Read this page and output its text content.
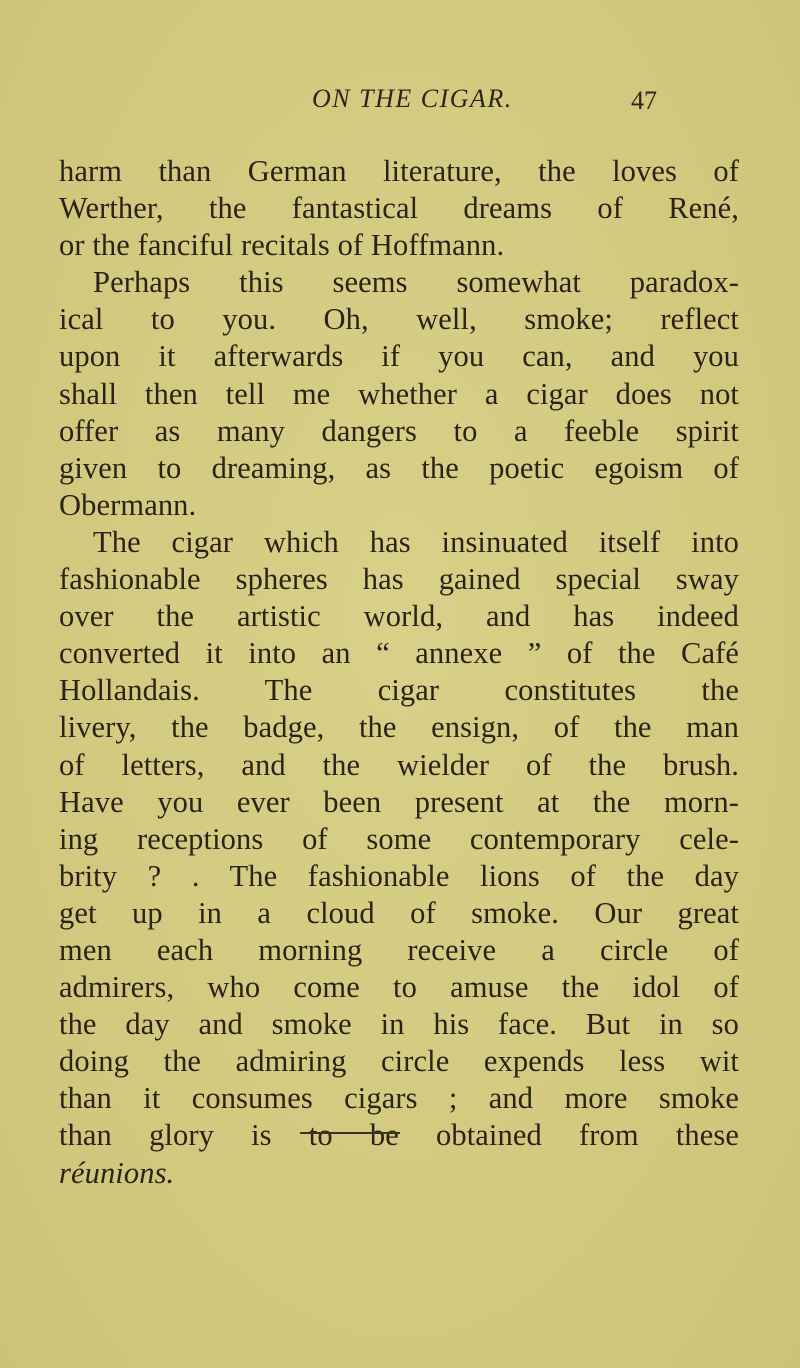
ON THE CIGAR.	47
harm than German literature, the loves of
Werther, the fantastical dreams of René,
or the fanciful recitals of Hoffmann.
Perhaps this seems somewhat paradox-
ical to you. Oh, well, smoke; reflect
upon it afterwards if you can, and you
shall then tell me whether a cigar does not
offer as many dangers to a feeble spirit
given to dreaming, as the poetic egoism of
Obermann.
The cigar which has insinuated itself into
fashionable spheres has gained special sway
over the artistic world, and has indeed
converted it into an “ annexe ” of the Café
Hollandais. The cigar constitutes the
livery, the badge, the ensign, of the man
of letters, and the wielder of the brush.
Have you ever been present at the morn-
ing receptions of some contemporary cele-
brity ? . The fashionable lions of the day
get up in a cloud of smoke. Our great
men each morning receive a circle of
admirers, who come to amuse the idol of
the day and smoke in his face. But in so
doing the admiring circle expends less wit
than it consumes cigars ; and more smoke
than glory is to be obtained from these
réunions.
